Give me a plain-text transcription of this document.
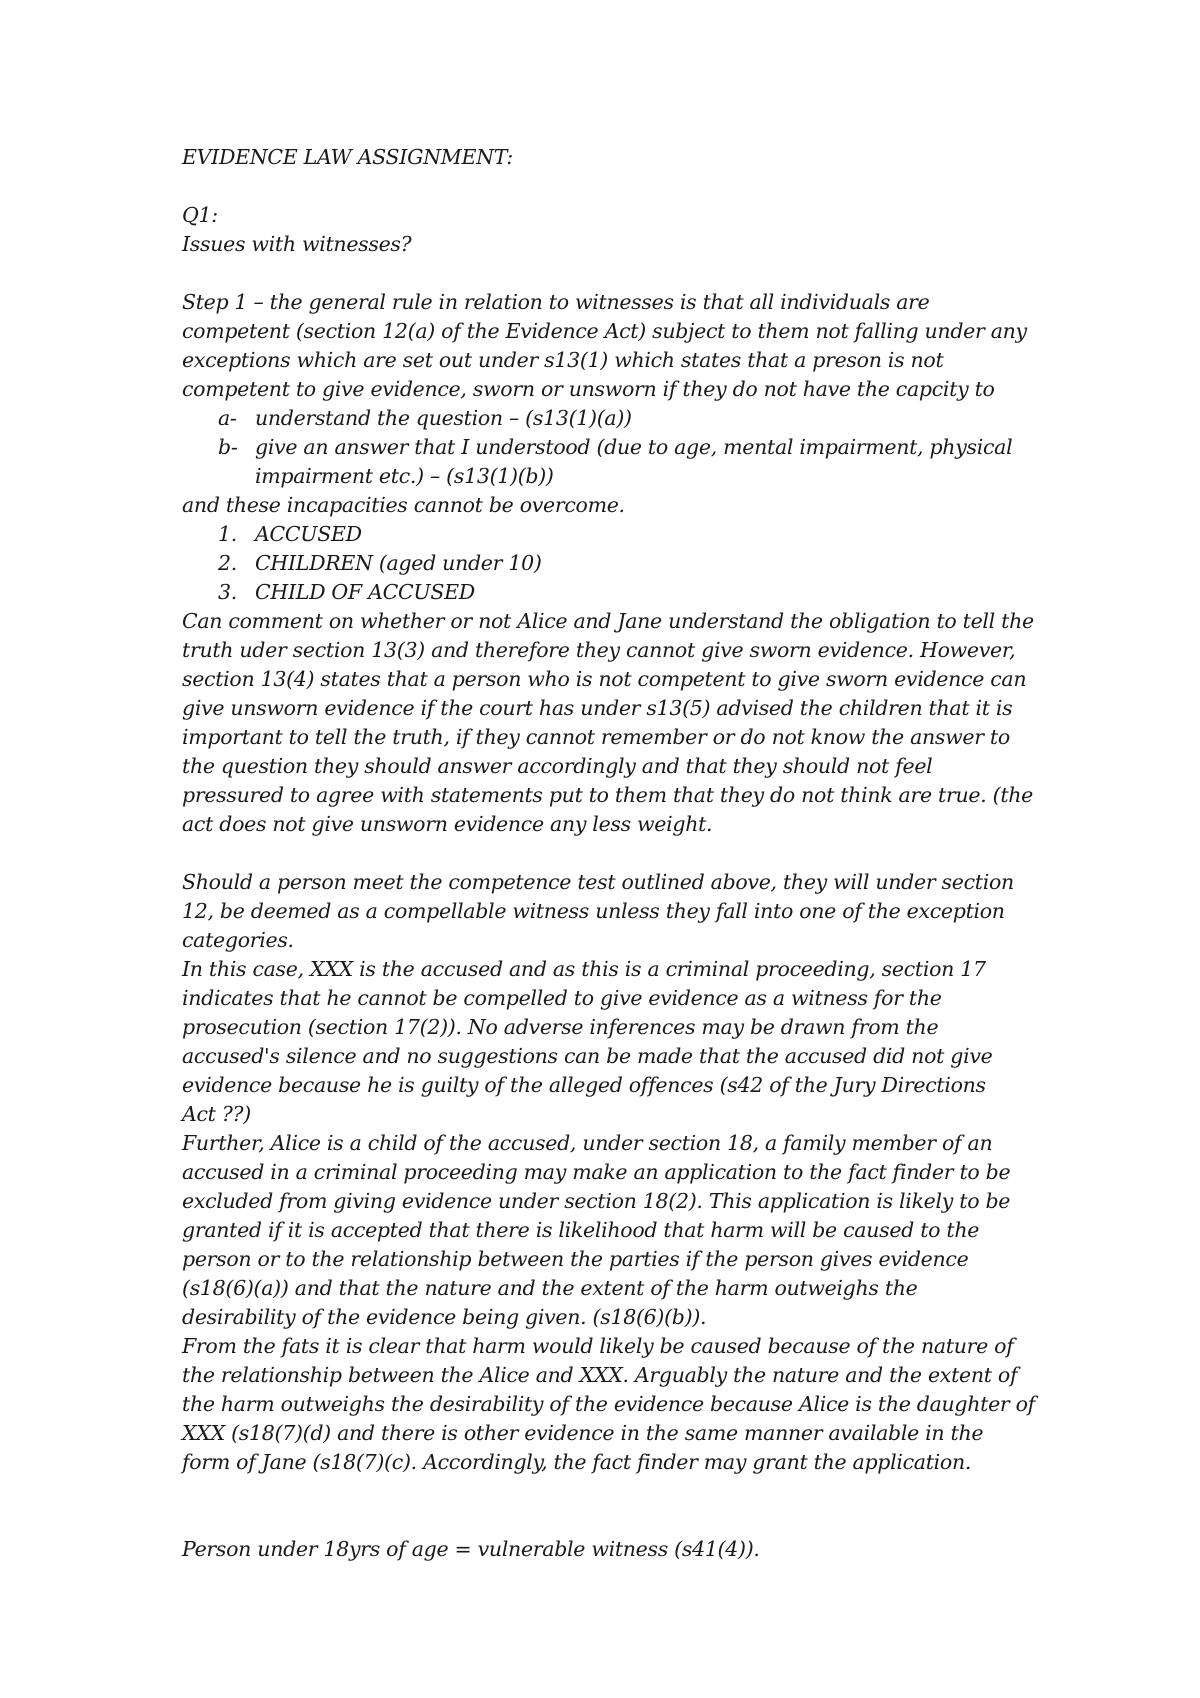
EVIDENCE LAW ASSIGNMENT:
Q1:
Issues with witnesses?
Step 1 – the general rule in relation to witnesses is that all individuals are
competent (section 12(a) of the Evidence Act) subject to them not falling under any
exceptions which are set out under s13(1) which states that a preson is not
competent to give evidence, sworn or unsworn if they do not have the capcity to
a- understand the question – (s13(1)(a))
b- give an answer that I understood (due to age, mental impairment, physical
impairment etc.) – (s13(1)(b))
and these incapacities cannot be overcome.
1. ACCUSED
2. CHILDREN (aged under 10)
3. CHILD OF ACCUSED
Can comment on whether or not Alice and Jane understand the obligation to tell the
truth uder section 13(3) and therefore they cannot give sworn evidence. However,
section 13(4) states that a person who is not competent to give sworn evidence can
give unsworn evidence if the court has under s13(5) advised the children that it is
important to tell the truth, if they cannot remember or do not know the answer to
the question they should answer accordingly and that they should not feel
pressured to agree with statements put to them that they do not think are true. (the
act does not give unsworn evidence any less weight.
Should a person meet the competence test outlined above, they will under section
12, be deemed as a compellable witness unless they fall into one of the exception
categories.
In this case, XXX is the accused and as this is a criminal proceeding, section 17
indicates that he cannot be compelled to give evidence as a witness for the
prosecution (section 17(2)). No adverse inferences may be drawn from the
accused's silence and no suggestions can be made that the accused did not give
evidence because he is guilty of the alleged offences (s42 of the Jury Directions
Act ??)
Further, Alice is a child of the accused, under section 18, a family member of an
accused in a criminal proceeding may make an application to the fact finder to be
excluded from giving evidence under section 18(2). This application is likely to be
granted if it is accepted that there is likelihood that harm will be caused to the
person or to the relationship between the parties if the person gives evidence
(s18(6)(a)) and that the nature and the extent of the harm outweighs the
desirability of the evidence being given. (s18(6)(b)).
From the fats it is clear that harm would likely be caused because of the nature of
the relationship between the Alice and XXX. Arguably the nature and the extent of
the harm outweighs the desirability of the evidence because Alice is the daughter of
XXX (s18(7)(d) and there is other evidence in the same manner available in the
form of Jane (s18(7)(c). Accordingly, the fact finder may grant the application.
Person under 18yrs of age = vulnerable witness (s41(4)).
